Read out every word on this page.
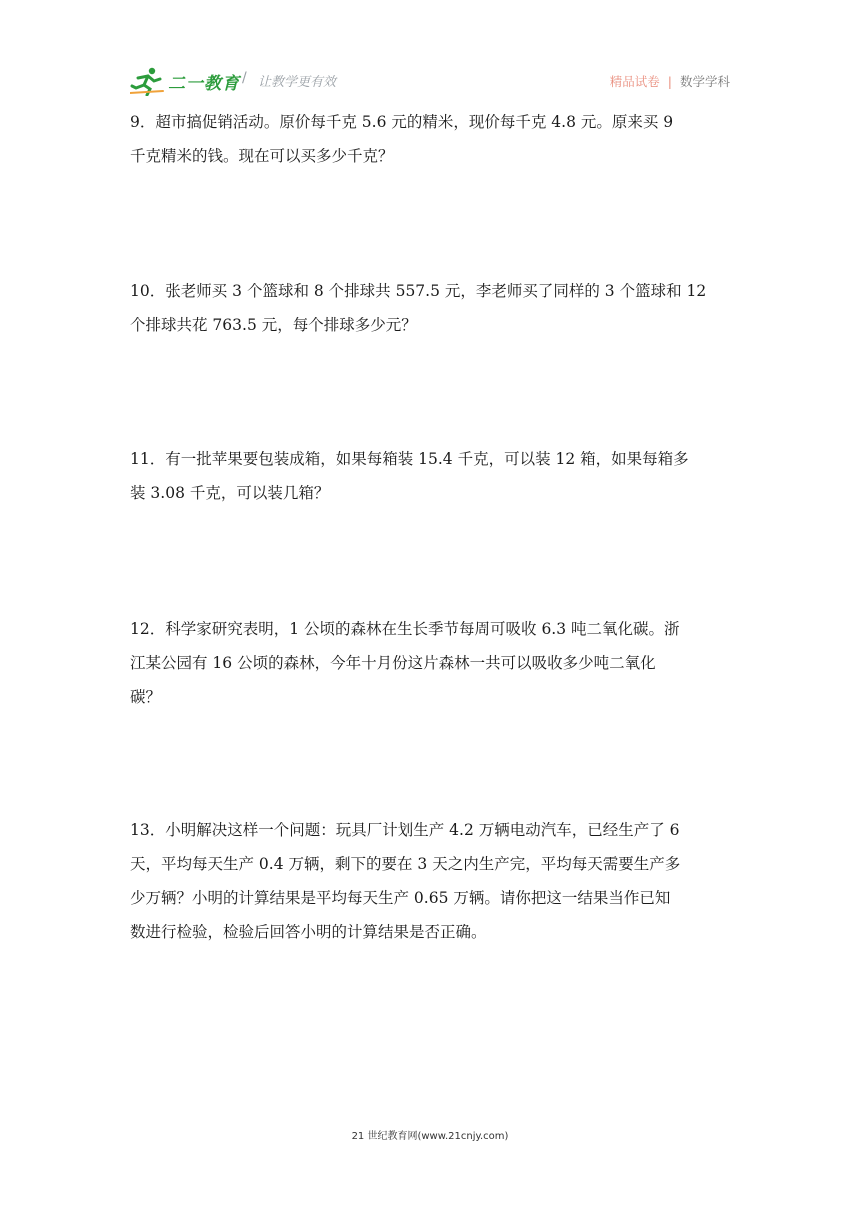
二一教育 / 让教学更有效	精品试卷 | 数学学科
9．超市搞促销活动。原价每千克 5.6 元的精米，现价每千克 4.8 元。原来买 9
千克精米的钱。现在可以买多少千克？
10．张老师买 3 个篮球和 8 个排球共 557.5 元，李老师买了同样的 3 个篮球和 12
个排球共花 763.5 元，每个排球多少元？
11．有一批苹果要包装成箱，如果每箱装 15.4 千克，可以装 12 箱，如果每箱多
装 3.08 千克，可以装几箱？
12．科学家研究表明，1 公顷的森林在生长季节每周可吸收 6.3 吨二氧化碳。浙
江某公园有 16 公顷的森林，今年十月份这片森林一共可以吸收多少吨二氧化
碳？
13．小明解决这样一个问题：玩具厂计划生产 4.2 万辆电动汽车，已经生产了 6
天，平均每天生产 0.4 万辆，剩下的要在 3 天之内生产完，平均每天需要生产多
少万辆？小明的计算结果是平均每天生产 0.65 万辆。请你把这一结果当作已知
数进行检验，检验后回答小明的计算结果是否正确。
21 世纪教育网(www.21cnjy.com)
